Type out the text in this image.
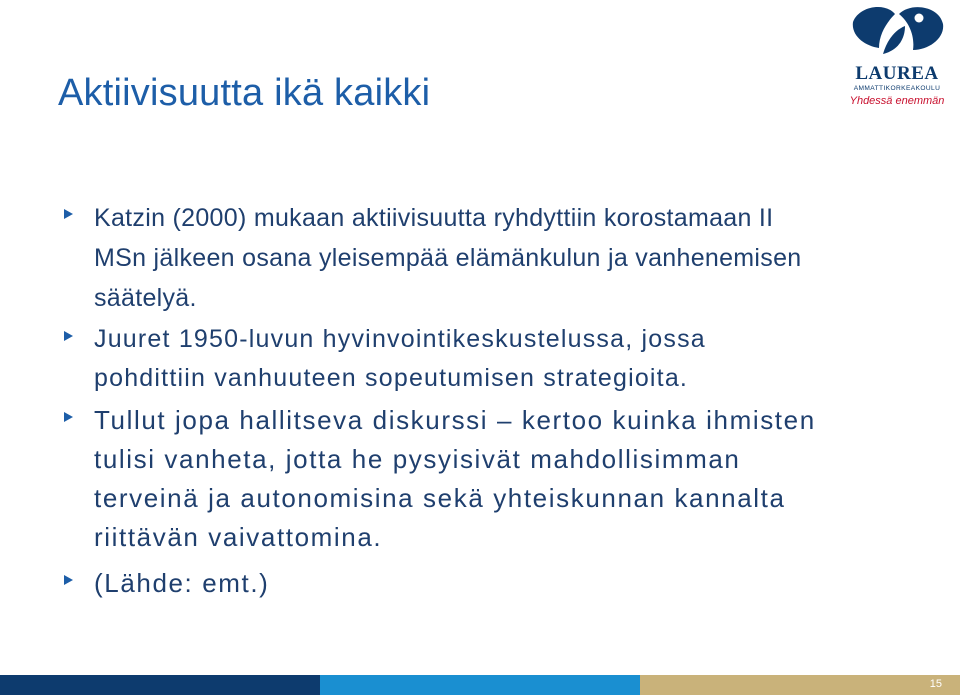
Aktiivisuutta ikä kaikki	LAUREA
AMMATTIKORKEAKOULU
Yhdessä enemmän
Katzin (2000) mukaan aktiivisuutta ryhdyttiin korostamaan II MSn jälkeen osana yleisempää elämänkulun ja vanhenemisen säätelyä.
Juuret 1950-luvun hyvinvointikeskustelussa, jossa pohdittiin vanhuuteen sopeutumisen strategioita.
Tullut jopa hallitseva diskurssi – kertoo kuinka ihmisten tulisi vanheta, jotta he pysyisivät mahdollisimman terveinä ja autonomisina sekä yhteiskunnan kannalta riittävän vaivattomina.
(Lähde: emt.)
15
